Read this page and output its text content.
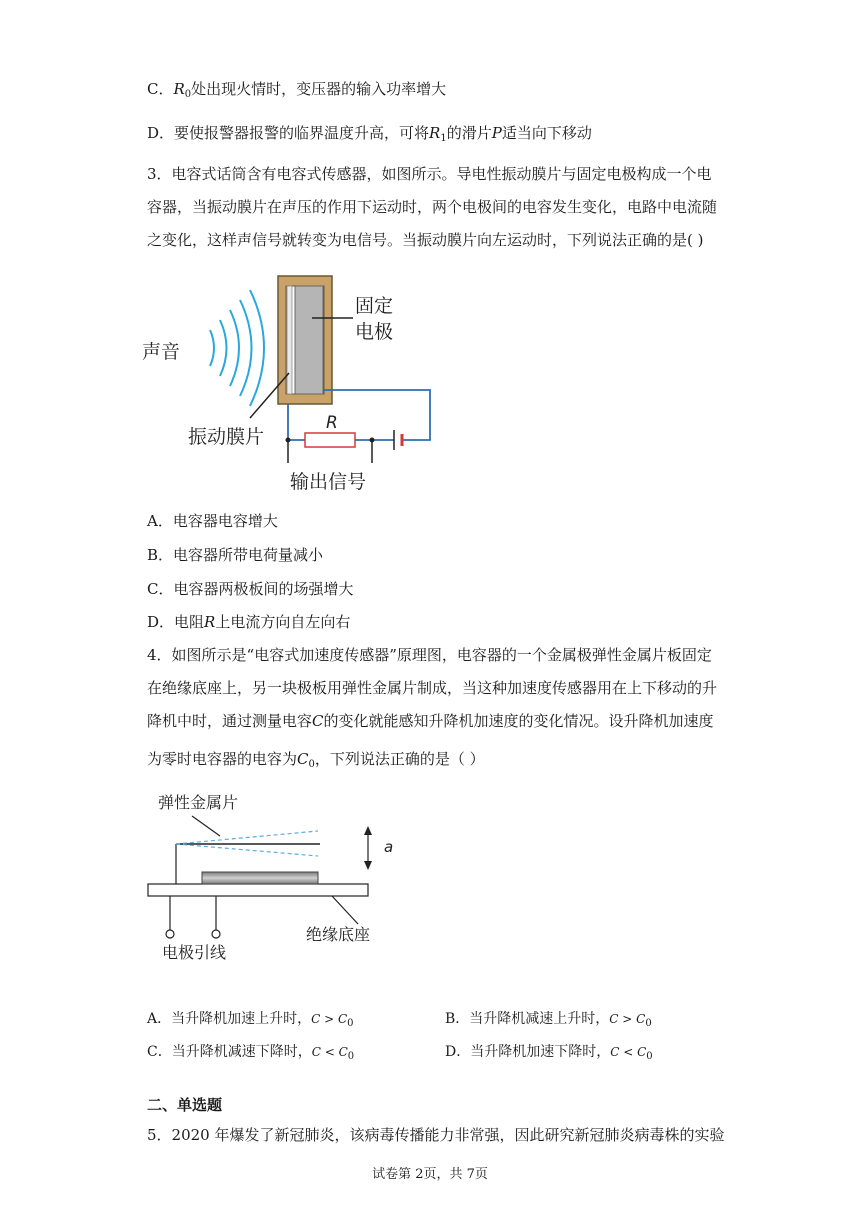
C．$R_0$处出现火情时，变压器的输入功率增大
D．要使报警器报警的临界温度升高，可将$R_1$的滑片P适当向下移动
3．电容式话筒含有电容式传感器，如图所示。导电性振动膜片与固定电极构成一个电
容器，当振动膜片在声压的作用下运动时，两个电极间的电容发生变化，电路中电流随
之变化，这样声信号就转变为电信号。当振动膜片向左运动时，下列说法正确的是( )
声音
固定
电极
振动膜片
R
输出信号
A．电容器电容增大
B．电容器所带电荷量减小
C．电容器两极板间的场强增大
D．电阻R上电流方向自左向右
4．如图所示是“电容式加速度传感器”原理图，电容器的一个金属极弹性金属片板固定
在绝缘底座上，另一块极板用弹性金属片制成，当这种加速度传感器用在上下移动的升
降机中时，通过测量电容C的变化就能感知升降机加速度的变化情况。设升降机加速度
为零时电容器的电容为$C_0$，下列说法正确的是（ ）
弹性金属片
a
电极引线
绝缘底座
A．当升降机加速上升时，$C > C_0$	B．当升降机减速上升时，$C > C_0$
C．当升降机减速下降时，$C < C_0$	D．当升降机加速下降时，$C < C_0$
二、单选题
5．2020 年爆发了新冠肺炎，该病毒传播能力非常强，因此研究新冠肺炎病毒株的实验
试卷第 2页，共 7页
